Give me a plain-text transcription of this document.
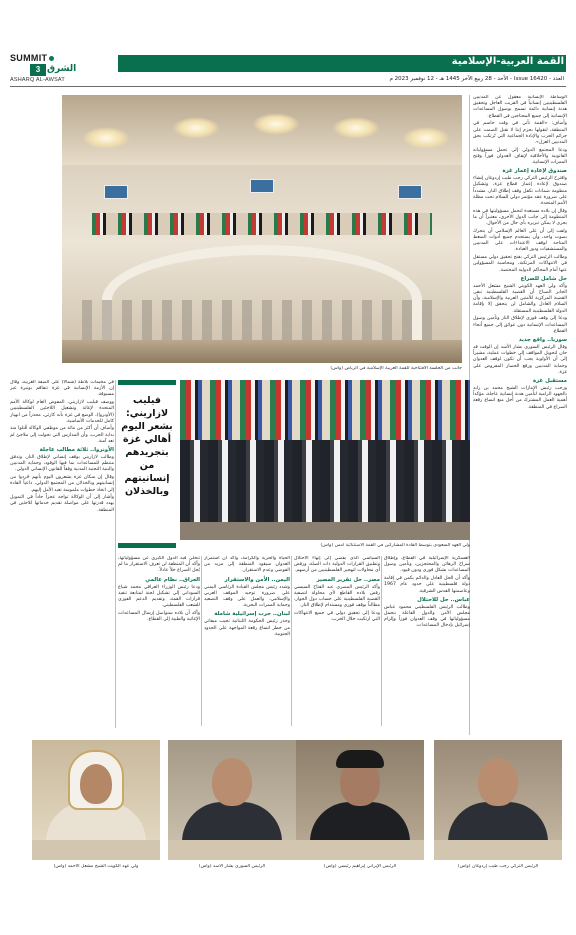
SUMMIT
3 ﺍﻟﺸﺮﻕ
ASHARQ AL-AWSAT
القمة العربية-الإسلامية
الأحد - 28 ربيع الآخر 1445 هـ - 12 نوفمبر 2023 م - Issue 16420 - العدد
جانب من الجلسة الافتتاحية للقمة العربية الإسلامية في الرياض (واس)

الوساطة الإنسانية معقول عن المدنيين الفلسطينيين إنسانياً في القريب العاجل وتحقيق هدنة إنسانية دائمة تسمح بوصول المساعدات الإنسانية إلى جميع المحتاجين في القطاع.

وأضاف: «القمة تأتي في وقت حاسم في المنطقة، لنقولها بحزم إننا لا نقبل الصمت على جرائم الحرب والإبادة الجماعية التي تُرتكب بحق المدنيين العزل».

ودعا المجتمع الدولي إلى تحمل مسؤولياته القانونية والأخلاقية لإيقاف العدوان فوراً وفتح الممرات الإنسانية.

صندوق لإعادة إعمار غزة

واقترح الرئيس التركي رجب طيب إردوغان إنشاء صندوق لإعادة إعمار قطاع غزة، وتشكيل منظومة ضمانات تكفل وقف إطلاق النار، مشدداً على ضرورة عقد مؤتمر دولي للسلام تحت مظلة الأمم المتحدة.

وقال إن بلاده مستعدة لتحمل مسؤوليتها في هذه المنظومة إلى جانب الدول الأخرى، معتبراً أن ما يجري لا يمكن تبريره بأي حال من الأحوال.

ولفت إلى أن على العالم الإسلامي أن يتحرك بصوت واحد، وأن يستخدم جميع أدوات الضغط المتاحة لوقف الاعتداءات على المدنيين والمستشفيات ودور العبادة.

وطالب الرئيس التركي بفتح تحقيق دولي مستقل في الانتهاكات المرتكبة، ومحاسبة المسؤولين عنها أمام المحاكم الدولية المختصة.

حل شامل للصراع

وأكد ولي العهد الكويتي الشيخ مشعل الأحمد الجابر الصباح أن القضية الفلسطينية تبقى القضية المركزية للأمتين العربية والإسلامية، وأن السلام العادل والشامل لن يتحقق إلا بإقامة الدولة الفلسطينية المستقلة.

ودعا إلى وقف فوري لإطلاق النار وتأمين وصول المساعدات الإنسانية دون عوائق إلى جميع أنحاء القطاع.

سوريا.. واقع جديد

وقال الرئيس السوري بشار الأسد إن الوقت قد حان لتحويل المواقف إلى خطوات عملية، مشيراً إلى أن الأولوية يجب أن تكون لوقف العدوان وحماية المدنيين ورفع الحصار المفروض على غزة.

مستقبل غزة

ورحب رئيس الإمارات الشيخ محمد بن زايد بالجهود الرامية لتأمين هدنة إنسانية عاجلة، مؤكداً أهمية العمل المشترك من أجل منع اتساع رقعة الصراع في المنطقة.

ولي العهد السعودي يتوسط القادة المشاركين في القمة الاستثنائية أمس (واس)
فيليب لازاريني: بشعر اليوم أهالي غزة بتجريدهم من إنسانيتهم وبالخذلان

العسكرية الإسرائيلية في القطاع، وإطلاق سراح الرهائن والمحتجزين، وتأمين وصول المساعدات بشكل فوري ودون قيود.

وأكد أن الحل العادل والدائم يكمن في إقامة دولة فلسطينية على حدود عام 1967 وعاصمتها القدس الشرقية.

عباس.. حل للاحتلال

وطالب الرئيس الفلسطيني محمود عباس مجلس الأمن والدول الفاعلة بتحمل مسؤولياتها في وقف العدوان فوراً وإلزام إسرائيل بإدخال المساعدات.

السياسي الذي يفضي إلى إنهاء الاحتلال وتطبيق القرارات الدولية ذات الصلة، ورفض أي محاولات لتهجير الفلسطينيين من أرضهم.

مصر.. حل تقرير المصير

وأكد الرئيس المصري عبد الفتاح السيسي رفض بلاده القاطع لأي محاولة لتصفية القضية الفلسطينية على حساب دول الجوار، مطالباً بوقف فوري ومستدام لإطلاق النار.

ودعا إلى تحقيق دولي في جميع الانتهاكات التي ارتكبت خلال الحرب.

الحياة والحرية والكرامة، وأكد أن استمرار العدوان سيقود المنطقة إلى مزيد من الفوضى وعدم الاستقرار.

اليمن.. الأمن والاستقرار

وشدد رئيس مجلس القيادة الرئاسي اليمني على ضرورة توحيد الموقف العربي والإسلامي، والعمل على وقف التصعيد وحماية الممرات البحرية.

لبنان.. حرب إسرائيلية شاملة

وحذر رئيس الحكومة اللبنانية نجيب ميقاتي من خطر اتساع رقعة المواجهة على الحدود الجنوبية.

تتخلى فيه الدول الكبرى عن مسؤولياتها، وأكد أن المنطقة لن تعرف الاستقرار ما لم يُحل الصراع حلاً عادلاً.

العراق.. نظام عالمي

ودعا رئيس الوزراء العراقي محمد شياع السوداني إلى تشكيل لجنة لمتابعة تنفيذ قرارات القمة، وتقديم الدعم الفوري للشعب الفلسطيني.

وأكد أن بلاده ستواصل إرسال المساعدات الإغاثية والطبية إلى القطاع.

في مخيمات بلاطة (شمالاً) على الضفة الغربية، وقال إن الأزمة الإنسانية في غزة تتفاقم بوتيرة غير مسبوقة.

ووصف فيليب لازاريني، المفوض العام لوكالة الأمم المتحدة لإغاثة وتشغيل اللاجئين الفلسطينيين (الأونروا)، الوضع في غزة بأنه كارثي، محذراً من انهيار كامل للخدمات الأساسية.

وأضاف أن أكثر من مائة من موظفي الوكالة قُتلوا منذ بداية الحرب، وأن المدارس التي تحولت إلى ملاجئ لم تعد آمنة.

الأونروا.. ثلاثة مطالب عاجلة

وطالب لازاريني بوقف إنساني لإطلاق النار، وتدفق منتظم للمساعدات بما فيها الوقود، وحماية المدنيين والبنية التحتية المدنية وفقاً للقانون الإنساني الدولي.

وقال إن سكان غزة يشعرون اليوم بأنهم جُردوا من إنسانيتهم وبالخذلان من المجتمع الدولي، داعياً القادة إلى اتخاذ خطوات ملموسة تعيد الأمل إليهم.

وأشار إلى أن الوكالة تواجه عجزاً حاداً في التمويل يهدد قدرتها على مواصلة تقديم خدماتها للاجئين في المنطقة.

الرئيس التركي رجب طيب إردوغان (واس)
الرئيس الإيراني إبراهيم رئيسي (واس)
الرئيس السوري بشار الأسد (واس)
ولي عهد الكويت الشيخ مشعل الأحمد (واس)
